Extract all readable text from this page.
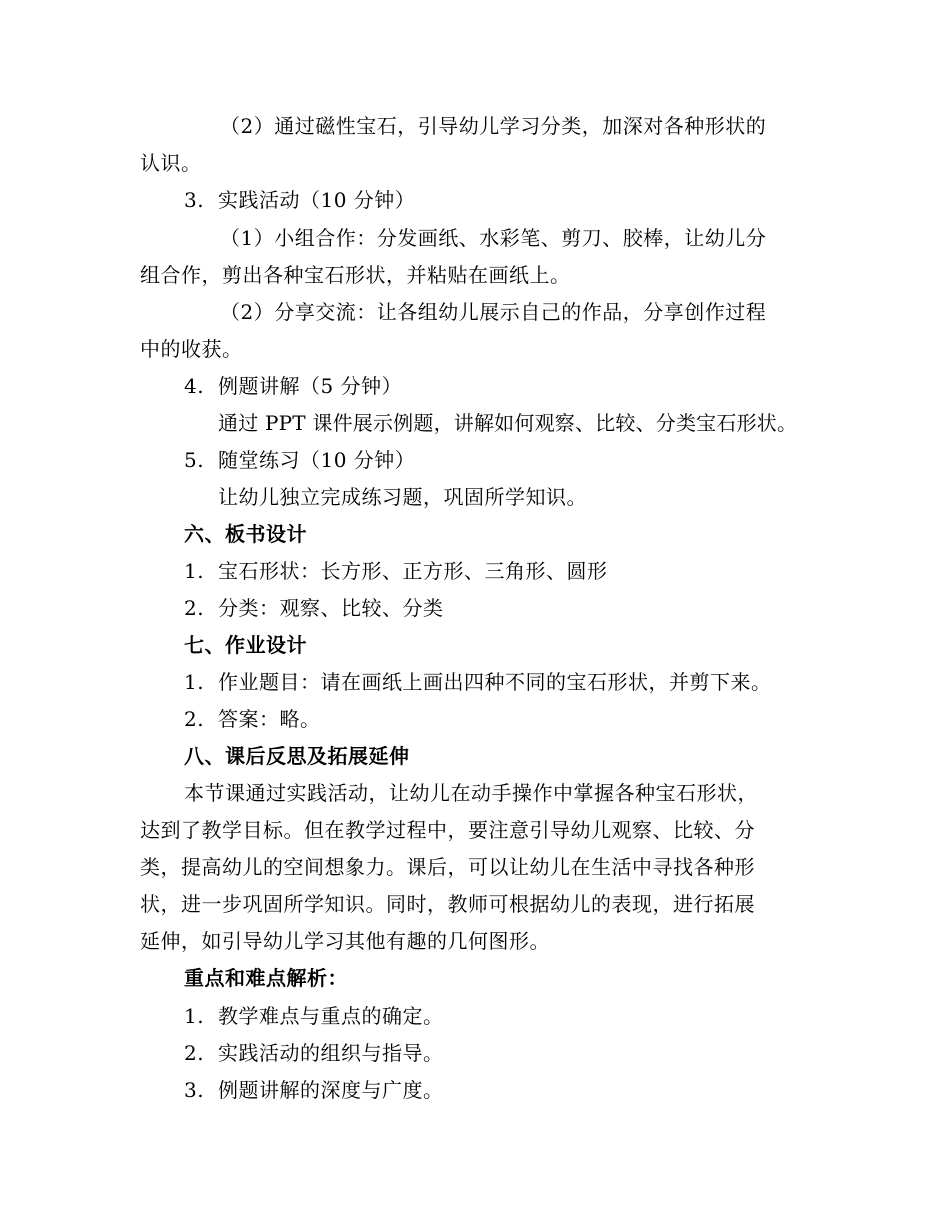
（2）通过磁性宝石，引导幼儿学习分类，加深对各种形状的
认识。
3. 实践活动（10 分钟）
（1）小组合作：分发画纸、水彩笔、剪刀、胶棒，让幼儿分
组合作，剪出各种宝石形状，并粘贴在画纸上。
（2）分享交流：让各组幼儿展示自己的作品，分享创作过程
中的收获。
4. 例题讲解（5 分钟）
通过 PPT 课件展示例题，讲解如何观察、比较、分类宝石形状。
5. 随堂练习（10 分钟）
让幼儿独立完成练习题，巩固所学知识。
六、板书设计
1. 宝石形状：长方形、正方形、三角形、圆形
2. 分类：观察、比较、分类
七、作业设计
1. 作业题目：请在画纸上画出四种不同的宝石形状，并剪下来。
2. 答案：略。
八、课后反思及拓展延伸
本节课通过实践活动，让幼儿在动手操作中掌握各种宝石形状，
达到了教学目标。但在教学过程中，要注意引导幼儿观察、比较、分
类，提高幼儿的空间想象力。课后，可以让幼儿在生活中寻找各种形
状，进一步巩固所学知识。同时，教师可根据幼儿的表现，进行拓展
延伸，如引导幼儿学习其他有趣的几何图形。
重点和难点解析：
1. 教学难点与重点的确定。
2. 实践活动的组织与指导。
3. 例题讲解的深度与广度。
